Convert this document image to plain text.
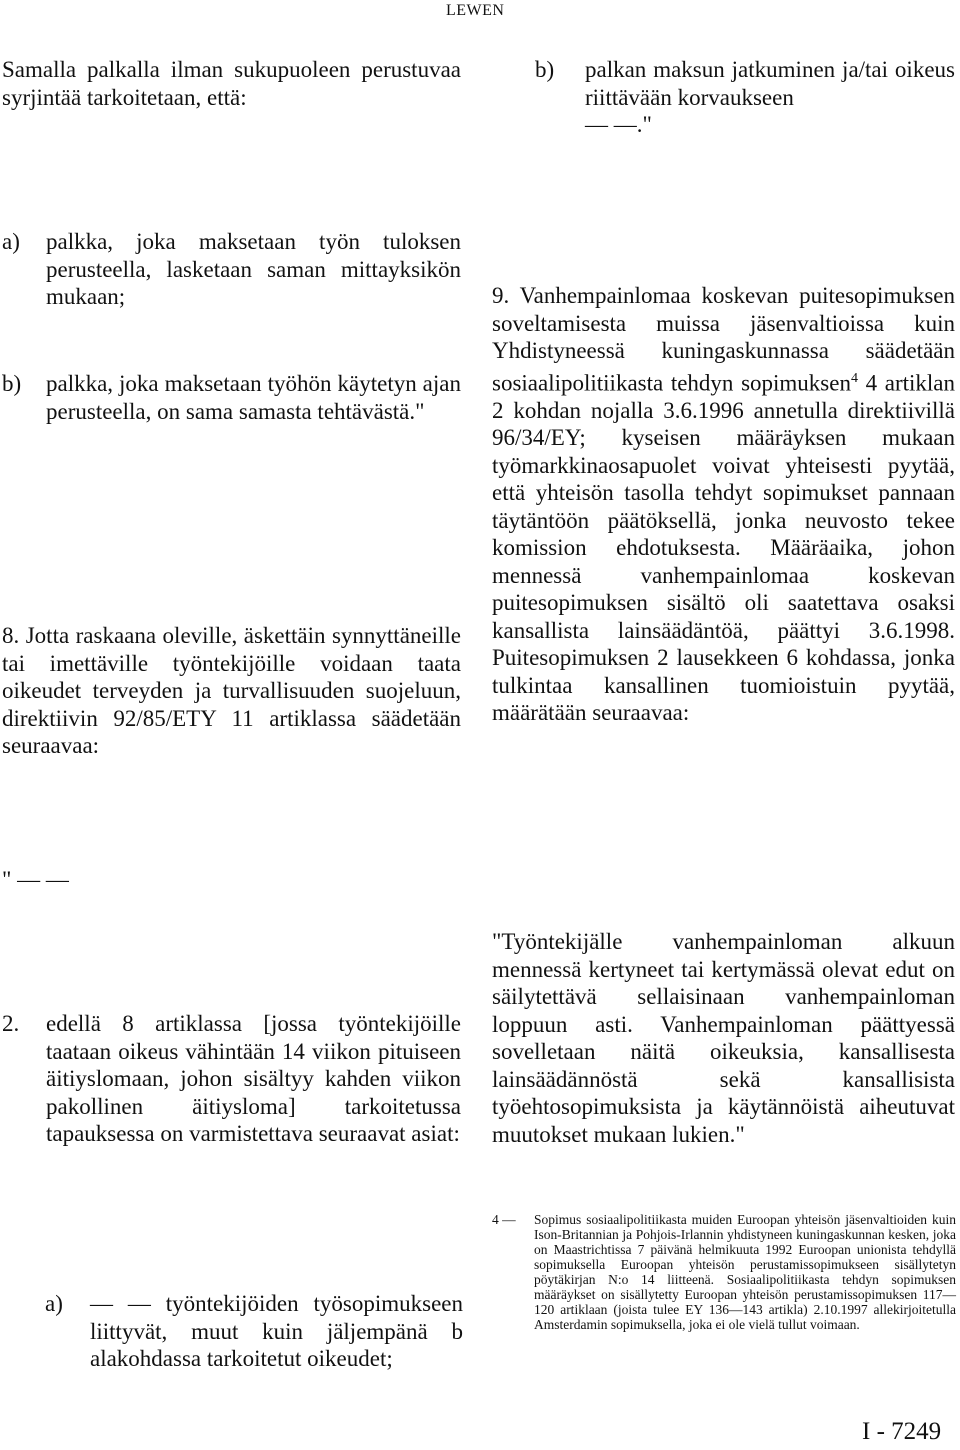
LEWEN
Samalla palkalla ilman sukupuoleen perustuvaa syrjintää tarkoitetaan, että:
a) palkka, joka maksetaan työn tuloksen perusteella, lasketaan saman mittayksikön mukaan;
b) palkka, joka maksetaan työhön käytetyn ajan perusteella, on sama samasta tehtävästä."
8. Jotta raskaana oleville, äskettäin synnyttäneille tai imettäville työntekijöille voidaan taata oikeudet terveyden ja turvallisuuden suojeluun, direktiivin 92/85/ETY 11 artiklassa säädetään seuraavaa:
" — —
2. edellä 8 artiklassa [jossa työntekijöille taataan oikeus vähintään 14 viikon pituiseen äitiyslomaan, johon sisältyy kahden viikon pakollinen äitiysloma] tarkoitetussa tapauksessa on varmistettava seuraavat asiat:
a) — — työntekijöiden työsopimukseen liittyvät, muut kuin jäljempänä b alakohdassa tarkoitetut oikeudet;
b) palkan maksun jatkuminen ja/tai oikeus riittävään korvaukseen
— —."
9. Vanhempainlomaa koskevan puitesopimuksen soveltamisesta muissa jäsenvaltioissa kuin Yhdistyneessä kuningaskunnassa säädetään sosiaalipolitiikasta tehdyn sopimuksen$^4$ 4 artiklan 2 kohdan nojalla 3.6.1996 annetulla direktiivillä 96/34/EY; kyseisen määräyksen mukaan työmarkkinaosapuolet voivat yhteisesti pyytää, että yhteisön tasolla tehdyt sopimukset pannaan täytäntöön päätöksellä, jonka neuvosto tekee komission ehdotuksesta. Määräaika, johon mennessä vanhempainlomaa koskevan puitesopimuksen sisältö oli saatettava osaksi kansallista lainsäädäntöä, päättyi 3.6.1998. Puitesopimuksen 2 lausekkeen 6 kohdassa, jonka tulkintaa kansallinen tuomioistuin pyytää, määrätään seuraavaa:
"Työntekijälle vanhempainloman alkuun mennessä kertyneet tai kertymässä olevat edut on säilytettävä sellaisinaan vanhempainloman loppuun asti. Vanhempainloman päättyessä sovelletaan näitä oikeuksia, kansallisesta lainsäädännöstä sekä kansallisista työehtosopimuksista ja käytännöistä aiheutuvat muutokset mukaan lukien."
4 — Sopimus sosiaalipolitiikasta muiden Euroopan yhteisön jäsenvaltioiden kuin Ison-Britannian ja Pohjois-Irlannin yhdistyneen kuningaskunnan kesken, joka on Maastrichtissa 7 päivänä helmikuuta 1992 Euroopan unionista tehdyllä sopimuksella Euroopan yhteisön perustamissopimukseen sisällytetyn pöytäkirjan N:o 14 liitteenä. Sosiaalipolitiikasta tehdyn sopimuksen määräykset on sisällytetty Euroopan yhteisön perustamissopimuksen 117—120 artiklaan (joista tulee EY 136—143 artikla) 2.10.1997 allekirjoitetulla Amsterdamin sopimuksella, joka ei ole vielä tullut voimaan.
I - 7249
